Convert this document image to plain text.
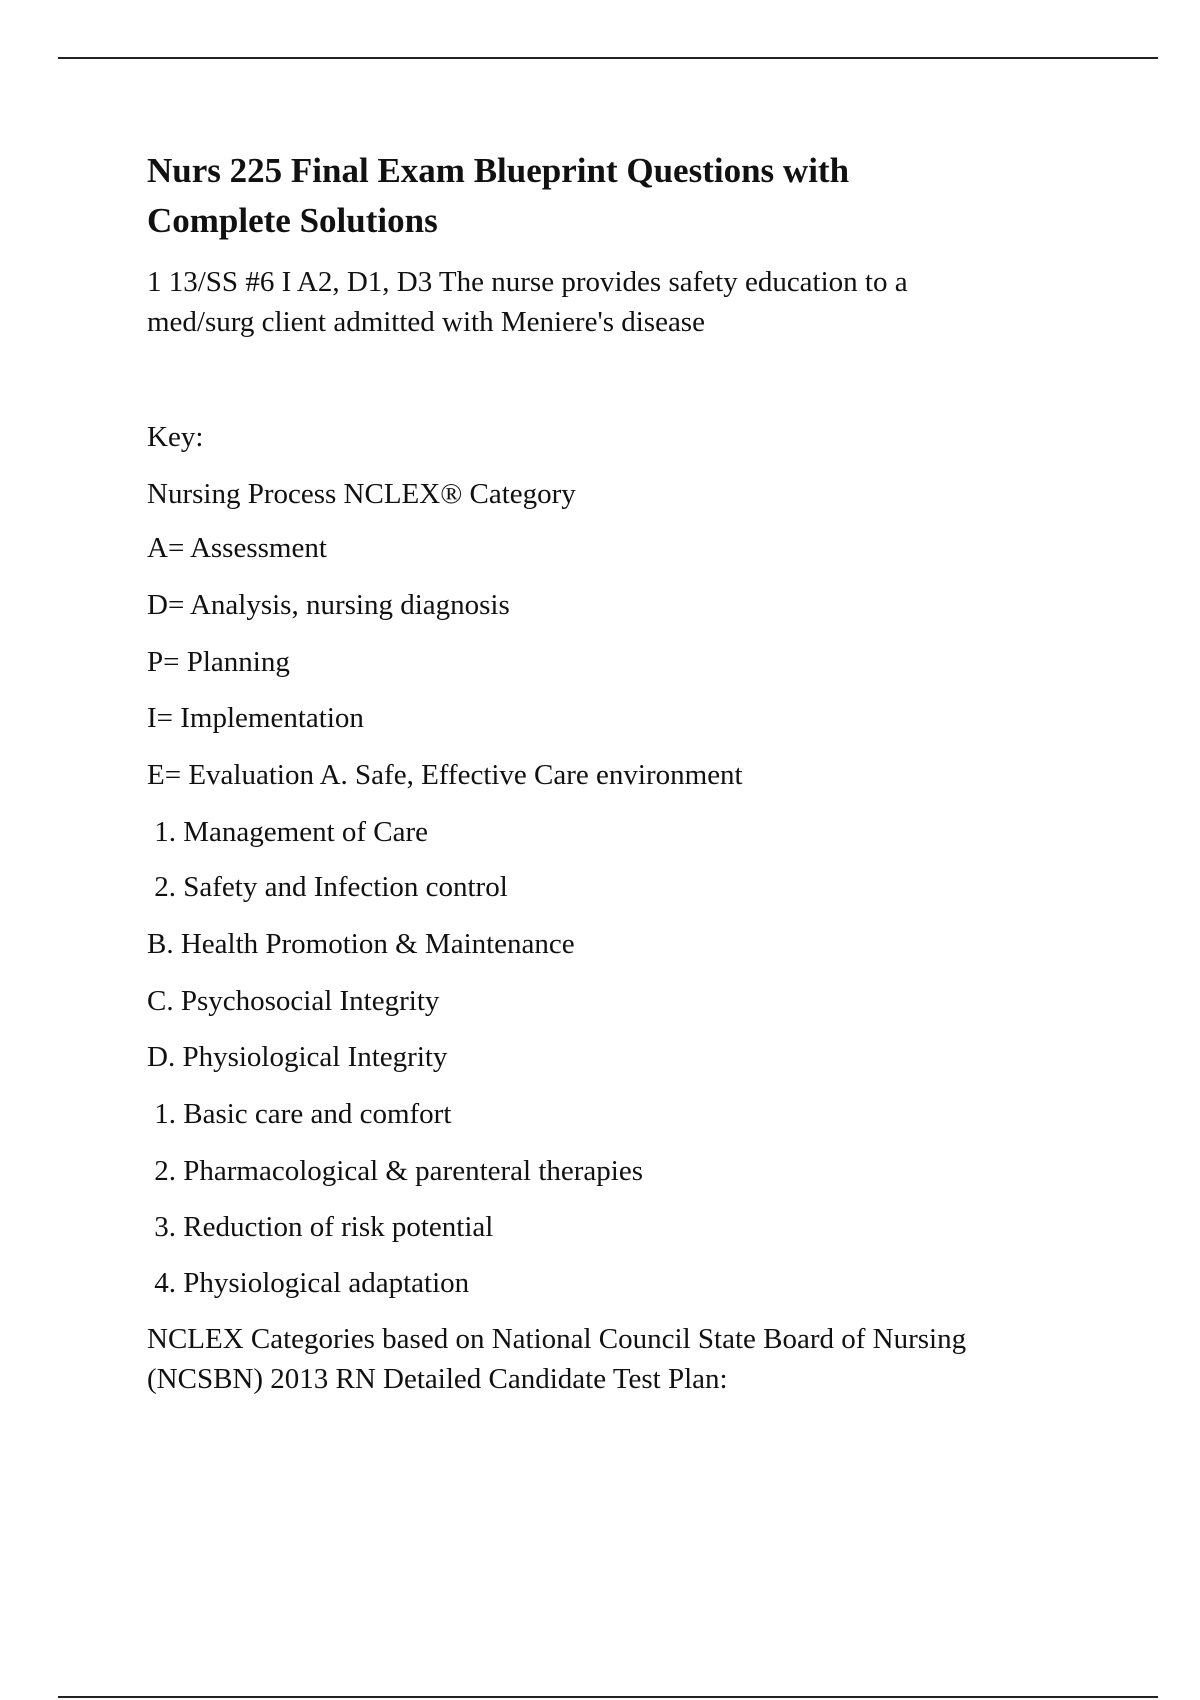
Nurs 225 Final Exam Blueprint Questions with
Complete Solutions

1 13/SS #6 I A2, D1, D3 The nurse provides safety education to a
med/surg client admitted with Meniere's disease

Key:

Nursing Process NCLEX® Category

A= Assessment

D= Analysis, nursing diagnosis

P= Planning

I= Implementation

E= Evaluation A. Safe, Effective Care environment

1. Management of Care

2. Safety and Infection control

B. Health Promotion & Maintenance

C. Psychosocial Integrity

D. Physiological Integrity

1. Basic care and comfort

2. Pharmacological & parenteral therapies

3. Reduction of risk potential

4. Physiological adaptation

NCLEX Categories based on National Council State Board of Nursing
(NCSBN) 2013 RN Detailed Candidate Test Plan:
